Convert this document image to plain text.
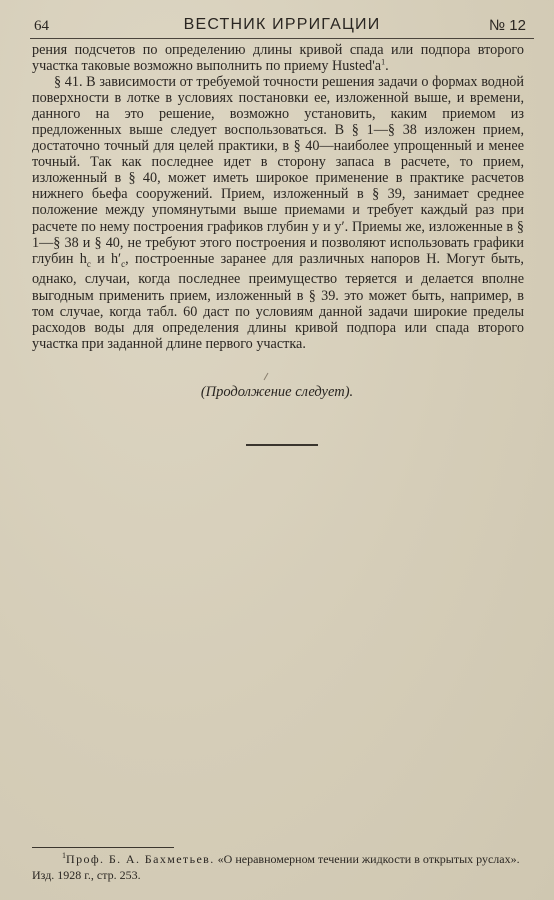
64	ВЕСТНИК ИРРИГАЦИИ	№ 12

рения подсчетов по определению длины кривой спада или подпора второго участка таковые возможно выполнить по приему $Husted'a^1$.

§ 41. В зависимости от требуемой точности решения задачи о формах водной поверхности в лотке в условиях постановки ее, изложенной выше, и времени, данного на это решение, возможно установить, каким приемом из предложенных выше следует воспользоваться. В § 1—§ 38 изложен прием, достаточно точный для целей практики, в § 40—наиболее упрощенный и менее точный. Так как последнее идет в сторону запаса в расчете, то прием, изложенный в § 40, может иметь широкое применение в практике расчетов нижнего бьефа сооружений. Прием, изложенный в § 39, занимает среднее положение между упомянутыми выше приемами и требует каждый раз при расчете по нему построения графиков глубин y и y′. Приемы же, изложенные в § 1—§ 38 и § 40, не требуют этого построения и позволяют использовать графики глубин $h_c$ и $h'_c$, построенные заранее для различных напоров H. Могут быть, однако, случаи, когда последнее преимущество теряется и делается вполне выгодным применить прием, изложенный в § 39. это может быть, например, в том случае, когда табл. 60 даст по условиям данной задачи широкие пределы расходов воды для определения длины кривой подпора или спада второго участка при заданной длине первого участка.

(Продолжение следует).

$^1$Проф. Б. А. Бахметьев. «О неравномерном течении жидкости в открытых руслах». Изд. 1928 г., стр. 253.
